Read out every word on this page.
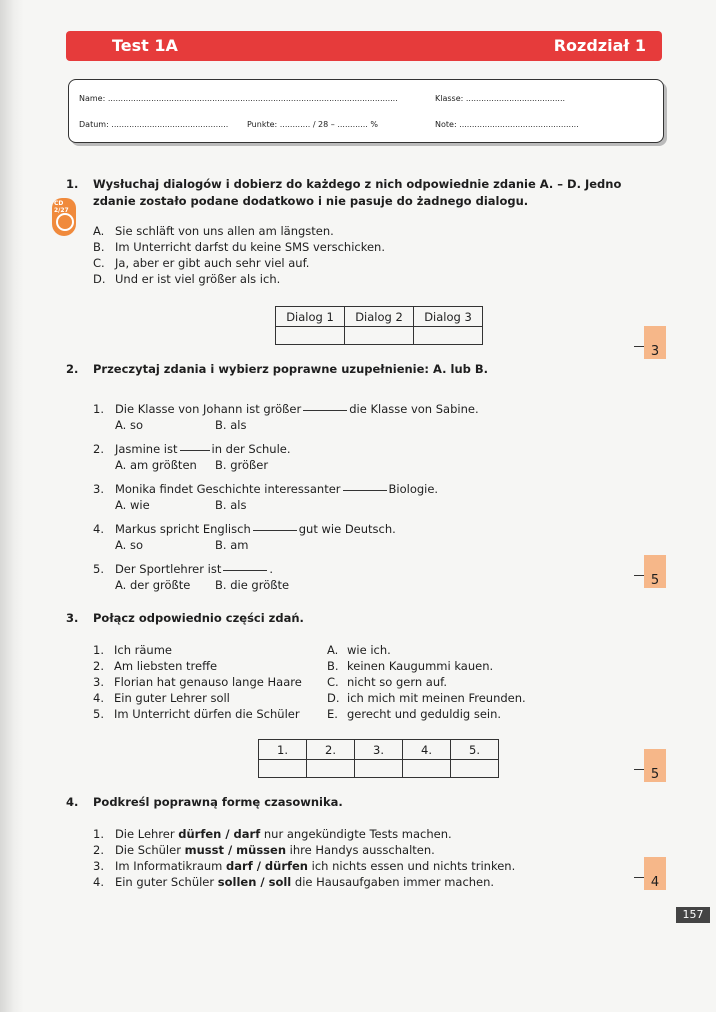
Test 1A	Rozdział 1
Name: ..................................................................................................................	Klasse: .......................................
Datum: .............................................. Punkte: ............ / 28 – ............ %	Note: ...............................................
1. Wysłuchaj dialogów i dobierz do każdego z nich odpowiednie zdanie A. – D. Jedno zdanie zostało podane dodatkowo i nie pasuje do żadnego dialogu.
CD 2/27
A. Sie schläft von uns allen am längsten.
B. Im Unterricht darfst du keine SMS verschicken.
C. Ja, aber er gibt auch sehr viel auf.
D. Und er ist viel größer als ich.
Dialog 1	Dialog 2	Dialog 3

3
2. Przeczytaj zdania i wybierz poprawne uzupełnienie: A. lub B.
1. Die Klasse von Johann ist größer	die Klasse von Sabine.
A. so	B. als
2. Jasmine ist	in der Schule.
A. am größten B. größer
3. Monika findet Geschichte interessanter	Biologie.
A. wie	B. als
4. Markus spricht Englisch	gut wie Deutsch.
A. so	B. am
5. Der Sportlehrer ist	.
A. der größte B. die größte	5
3. Połącz odpowiednio części zdań.
1. Ich räume
2. Am liebsten treffe
3. Florian hat genauso lange Haare
4. Ein guter Lehrer soll
5. Im Unterricht dürfen die Schüler
A. wie ich.
B. keinen Kaugummi kauen.
C. nicht so gern auf.
D. ich mich mit meinen Freunden.
E. gerecht und geduldig sein.
1.	2.	3.	4.	5.

5
4. Podkreśl poprawną formę czasownika.
1. Die Lehrer dürfen / darf nur angekündigte Tests machen.
2. Die Schüler musst / müssen ihre Handys ausschalten.
3. Im Informatikraum darf / dürfen ich nichts essen und nichts trinken.
4. Ein guter Schüler sollen / soll die Hausaufgaben immer machen.	4
157
